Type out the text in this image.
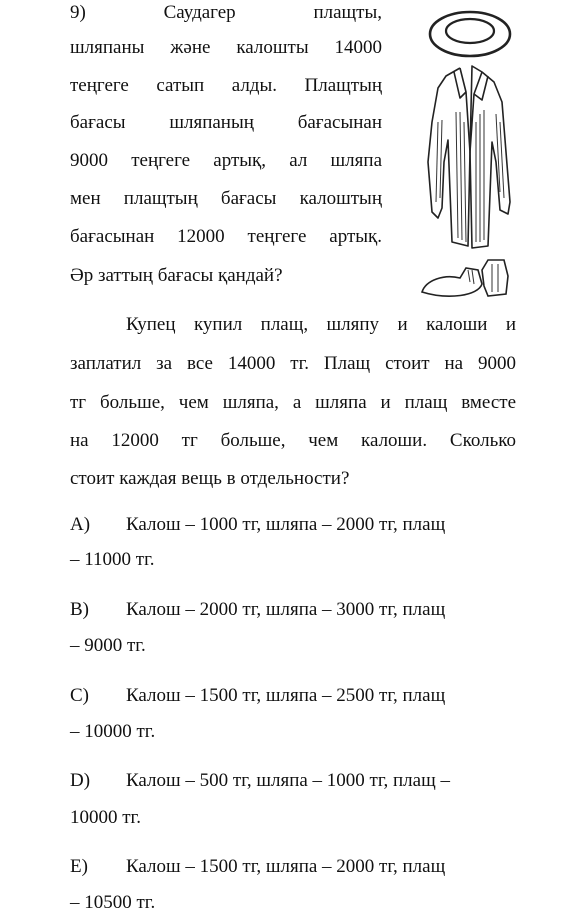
9) Саудагер плащты,
шляпаны және калошты 14000
теңгеге сатып алды. Плащтың
бағасы шляпаның бағасынан
9000 теңгеге артық, ал шляпа
мен плащтың бағасы калоштың
бағасынан 12000 теңгеге артық.
Әр заттың бағасы қандай?
Купец купил плащ, шляпу и калоши и
заплатил за все 14000 тг. Плащ стоит на 9000
тг больше, чем шляпа, а шляпа и плащ вместе
на 12000 тг больше, чем калоши. Сколько
стоит каждая вещь в отдельности?
A) Калош – 1000 тг, шляпа – 2000 тг, плащ
– 11000 тг.
B) Калош – 2000 тг, шляпа – 3000 тг, плащ
– 9000 тг.
C) Калош – 1500 тг, шляпа – 2500 тг, плащ
– 10000 тг.
D) Калош – 500 тг, шляпа – 1000 тг, плащ –
10000 тг.
E) Калош – 1500 тг, шляпа – 2000 тг, плащ
– 10500 тг.
